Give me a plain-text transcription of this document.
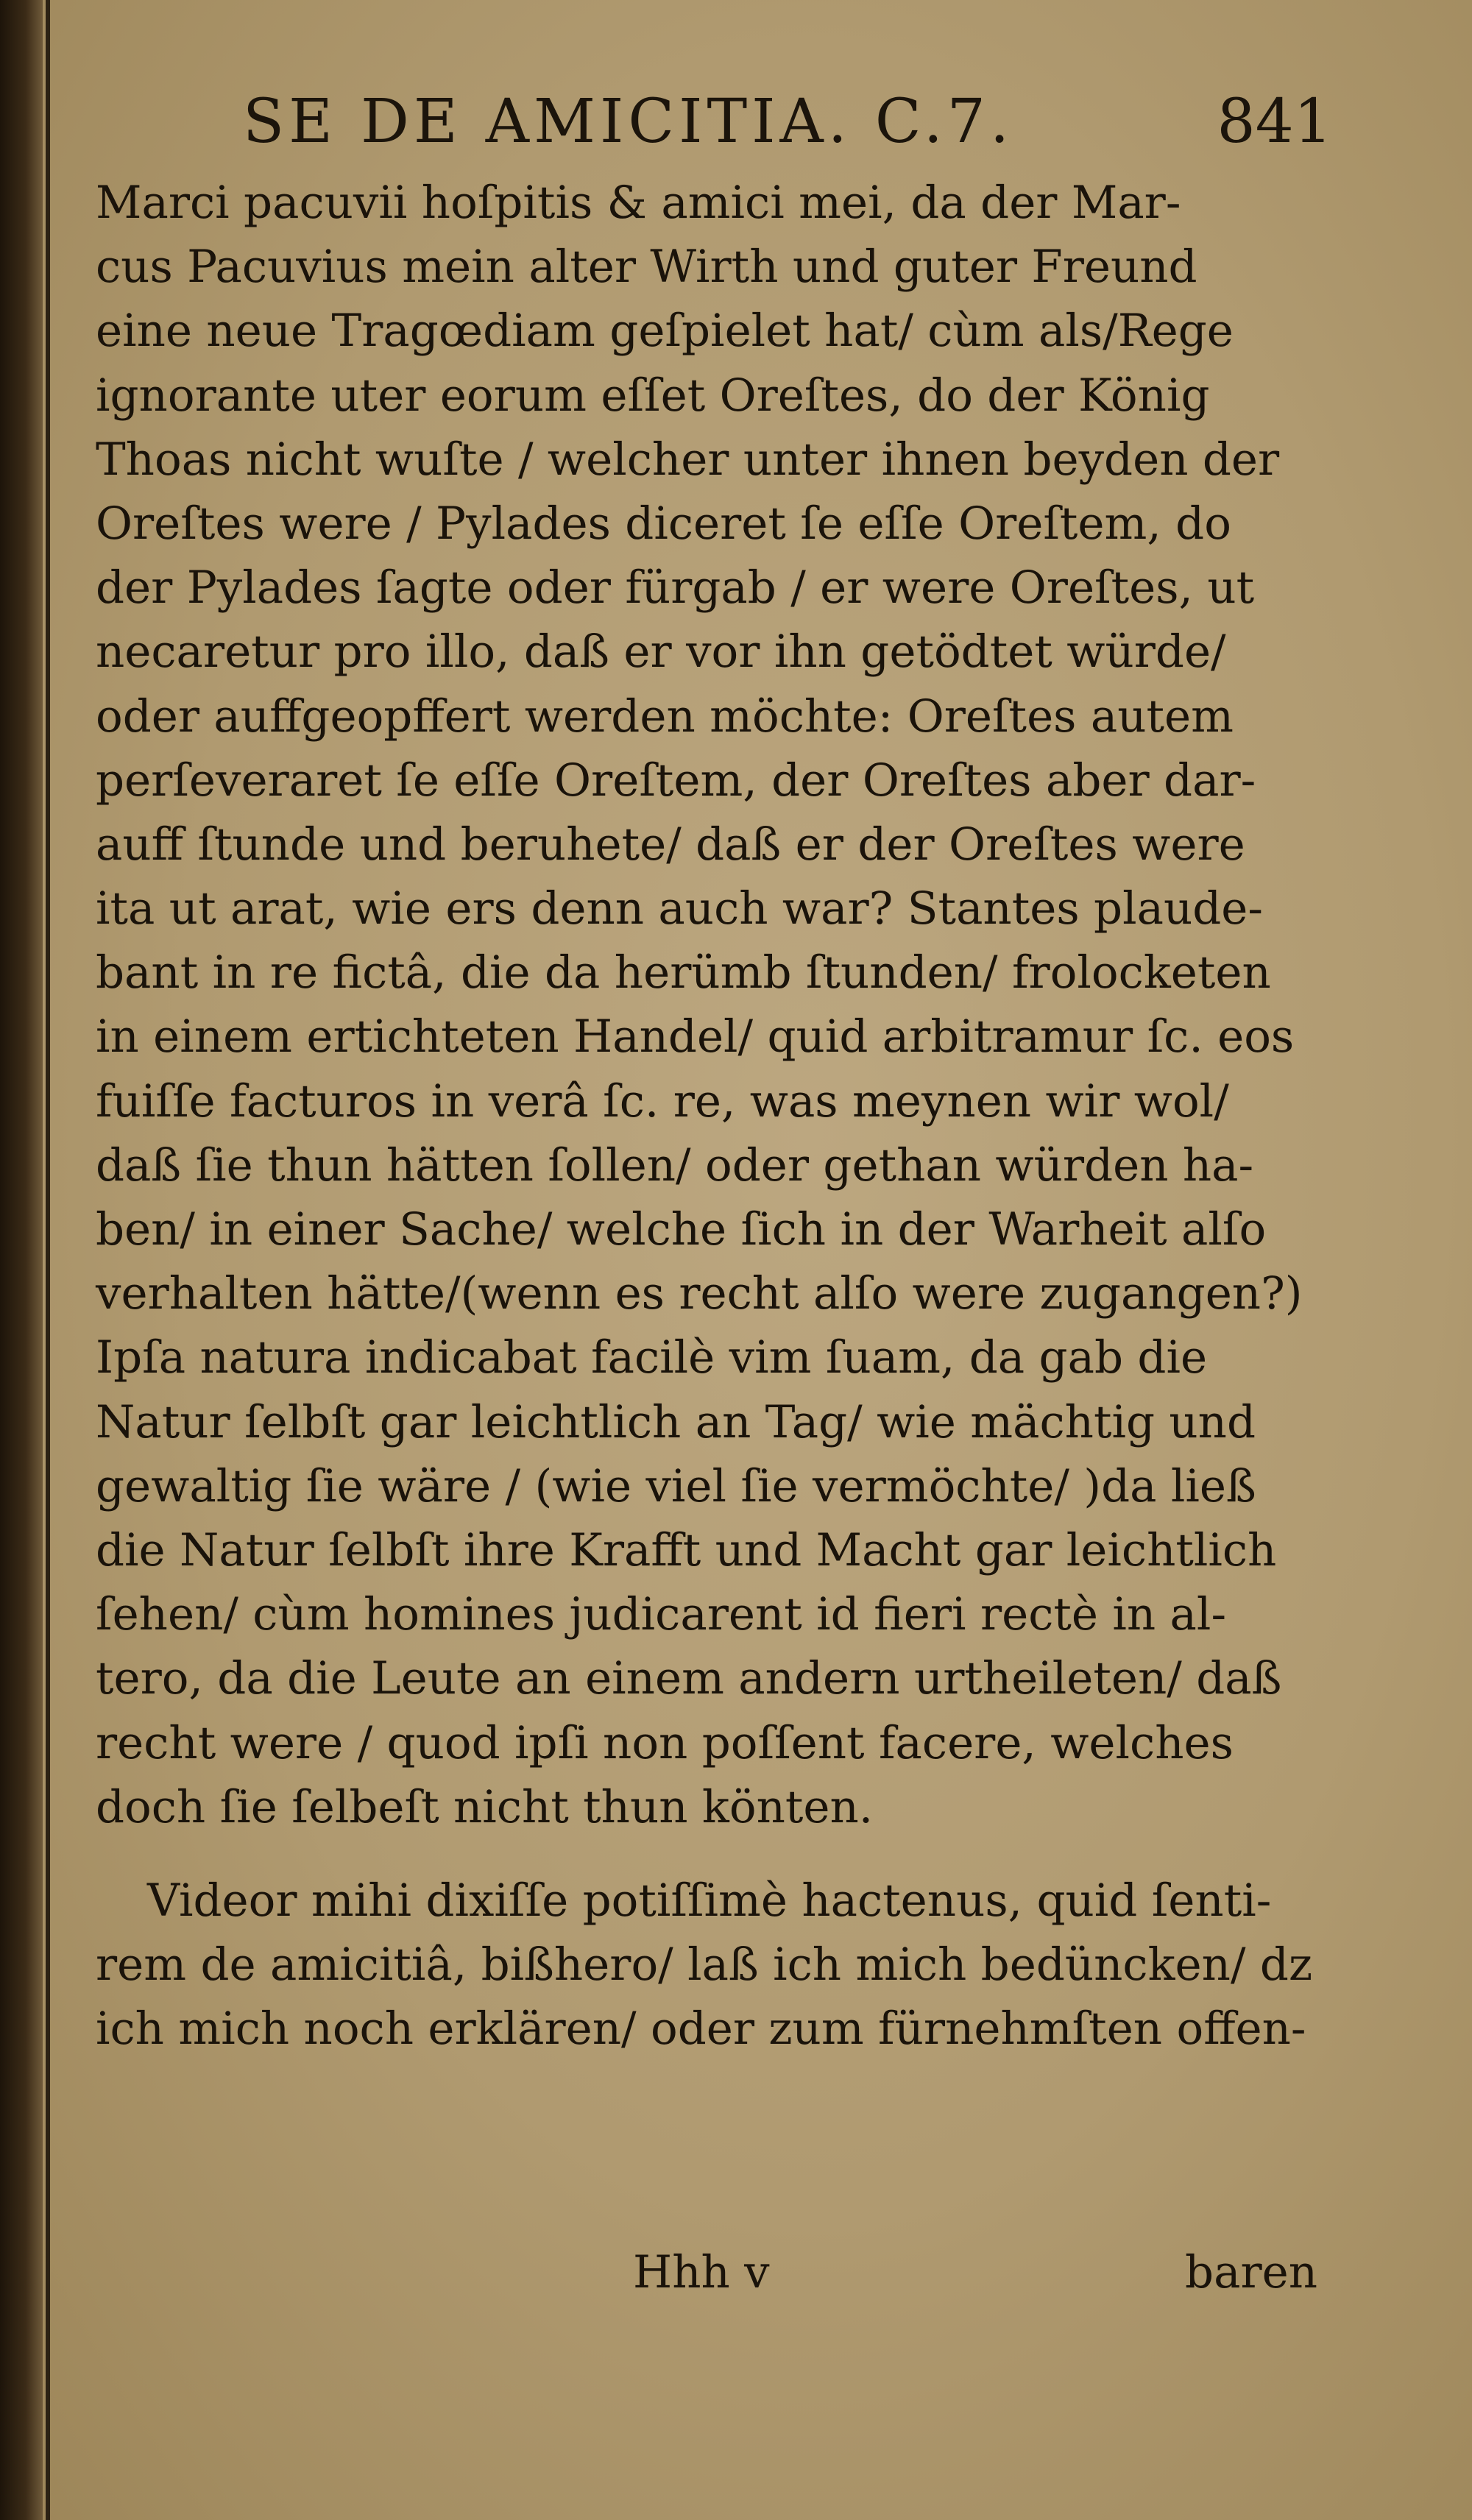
SE DE AMICITIA. C.7.	841
Marci pacuvii hoſpitis & amici mei, da der Mar-
cus Pacuvius mein alter Wirth und guter Freund
eine neue Tragœdiam geſpielet hat/ cùm als/Rege
ignorante uter eorum eſſet Oreſtes, do der König
Thoas nicht wuſte / welcher unter ihnen beyden der
Oreſtes were / Pylades diceret ſe eſſe Oreſtem, do
der Pylades ſagte oder fürgab / er were Oreſtes, ut
necaretur pro illo, daß er vor ihn getödtet würde/
oder auffgeopffert werden möchte: Oreſtes autem
perſeveraret ſe eſſe Oreſtem, der Oreſtes aber dar-
auff ſtunde und beruhete/ daß er der Oreſtes were
ita ut arat, wie ers denn auch war? Stantes plaude-
bant in re fictâ, die da herümb ſtunden/ frolocketen
in einem ertichteten Handel/ quid arbitramur ſc. eos
fuiſſe facturos in verâ ſc. re, was meynen wir wol/
daß ſie thun hätten ſollen/ oder gethan würden ha-
ben/ in einer Sache/ welche ſich in der Warheit alſo
verhalten hätte/(wenn es recht alſo were zugangen?)
Ipſa natura indicabat facilè vim ſuam, da gab die
Natur ſelbſt gar leichtlich an Tag/ wie mächtig und
gewaltig ſie wäre / (wie viel ſie vermöchte/ )da ließ
die Natur ſelbſt ihre Krafft und Macht gar leichtlich
ſehen/ cùm homines judicarent id fieri rectè in al-
tero, da die Leute an einem andern urtheileten/ daß
recht were / quod ipſi non poſſent facere, welches
doch ſie ſelbeſt nicht thun könten.
Videor mihi dixiſſe potiſſimè hactenus, quid ſenti-
rem de amicitiâ, bißhero/ laß ich mich bedüncken/ dz
ich mich noch erklären/ oder zum fürnehmſten offen-
Hhh v	baren
